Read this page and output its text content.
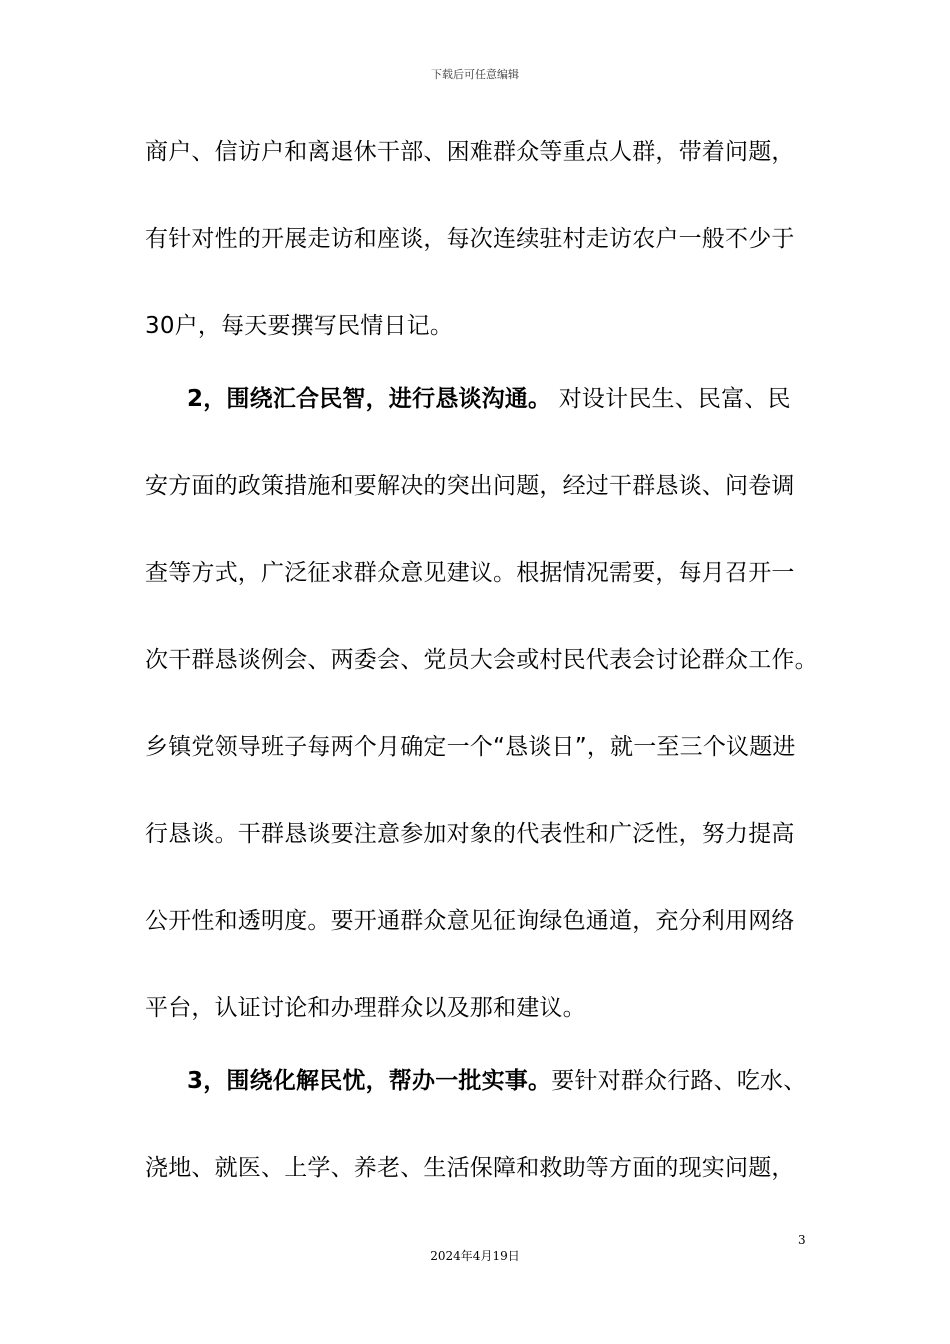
下载后可任意编辑
商户、信访户和离退休干部、困难群众等重点人群，带着问题，
有针对性的开展走访和座谈，每次连续驻村走访农户一般不少于
30户，每天要撰写民情日记。
2，围绕汇合民智，进行恳谈沟通。 对设计民生、民富、民
安方面的政策措施和要解决的突出问题，经过干群恳谈、问卷调
查等方式，广泛征求群众意见建议。根据情况需要，每月召开一
次干群恳谈例会、两委会、党员大会或村民代表会讨论群众工作。
乡镇党领导班子每两个月确定一个“恳谈日”，就一至三个议题进
行恳谈。干群恳谈要注意参加对象的代表性和广泛性，努力提高
公开性和透明度。要开通群众意见征询绿色通道，充分利用网络
平台，认证讨论和办理群众以及那和建议。
3，围绕化解民忧，帮办一批实事。要针对群众行路、吃水、
浇地、就医、上学、养老、生活保障和救助等方面的现实问题，
3
2024年4月19日
